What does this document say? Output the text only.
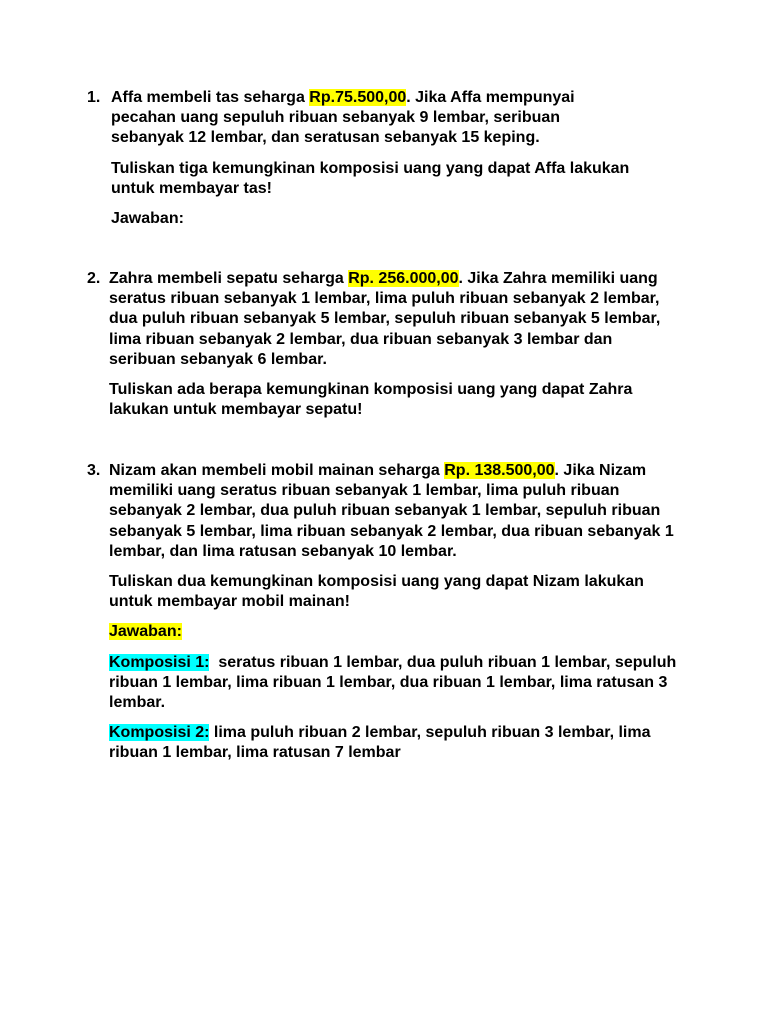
1. Affa membeli tas seharga Rp.75.500,00. Jika Affa mempunyai pecahan uang sepuluh ribuan sebanyak 9 lembar, seribuan sebanyak 12 lembar, dan seratusan sebanyak 15 keping.

Tuliskan tiga kemungkinan komposisi uang yang dapat Affa lakukan untuk membayar tas!

Jawaban:

2. Zahra membeli sepatu seharga Rp. 256.000,00. Jika Zahra memiliki uang seratus ribuan sebanyak 1 lembar, lima puluh ribuan sebanyak 2 lembar, dua puluh ribuan sebanyak 5 lembar, sepuluh ribuan sebanyak 5 lembar, lima ribuan sebanyak 2 lembar, dua ribuan sebanyak 3 lembar dan seribuan sebanyak 6 lembar.

Tuliskan ada berapa kemungkinan komposisi uang yang dapat Zahra lakukan untuk membayar sepatu!

3. Nizam akan membeli mobil mainan seharga Rp. 138.500,00. Jika Nizam memiliki uang seratus ribuan sebanyak 1 lembar, lima puluh ribuan sebanyak 2 lembar, dua puluh ribuan sebanyak 1 lembar, sepuluh ribuan sebanyak 5 lembar, lima ribuan sebanyak 2 lembar, dua ribuan sebanyak 1 lembar, dan lima ratusan sebanyak 10 lembar.

Tuliskan dua kemungkinan komposisi uang yang dapat Nizam lakukan untuk membayar mobil mainan!

Jawaban:

Komposisi 1:  seratus ribuan 1 lembar, dua puluh ribuan 1 lembar, sepuluh ribuan 1 lembar, lima ribuan 1 lembar, dua ribuan 1 lembar, lima ratusan 3 lembar.

Komposisi 2: lima puluh ribuan 2 lembar, sepuluh ribuan 3 lembar, lima ribuan 1 lembar, lima ratusan 7 lembar
